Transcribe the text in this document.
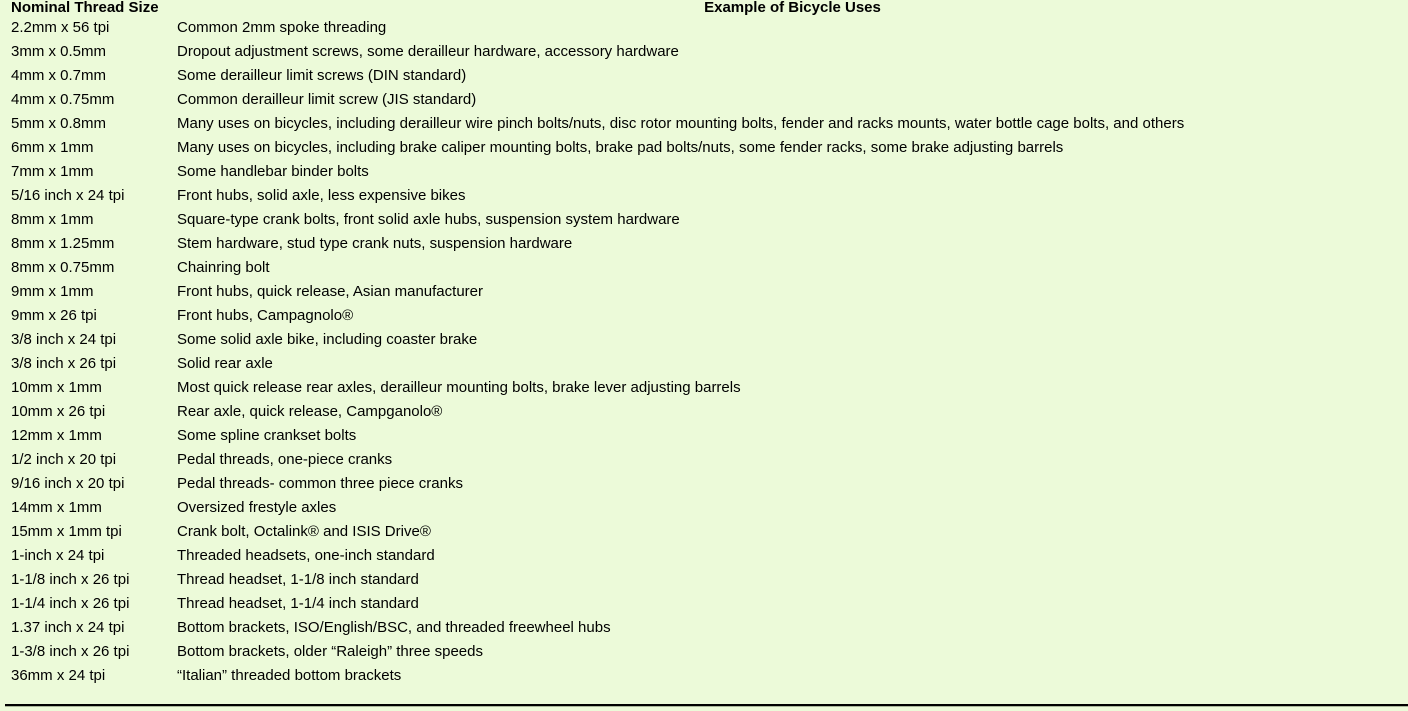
Nominal Thread Size	Example of Bicycle Uses
2.2mm x 56 tpi	Common 2mm spoke threading
3mm x 0.5mm	Dropout adjustment screws, some derailleur hardware, accessory hardware
4mm x 0.7mm	Some derailleur limit screws (DIN standard)
4mm x 0.75mm	Common derailleur limit screw (JIS standard)
5mm x 0.8mm	Many uses on bicycles, including derailleur wire pinch bolts/nuts, disc rotor mounting bolts, fender and racks mounts, water bottle cage bolts, and others
6mm x 1mm	Many uses on bicycles, including brake caliper mounting bolts, brake pad bolts/nuts, some fender racks, some brake adjusting barrels
7mm x 1mm	Some handlebar binder bolts
5/16 inch x 24 tpi	Front hubs, solid axle, less expensive bikes
8mm x 1mm	Square-type crank bolts, front solid axle hubs, suspension system hardware
8mm x 1.25mm	Stem hardware, stud type crank nuts, suspension hardware
8mm x 0.75mm	Chainring bolt
9mm x 1mm	Front hubs, quick release, Asian manufacturer
9mm x 26 tpi	Front hubs, Campagnolo®
3/8 inch x 24 tpi	Some solid axle bike, including coaster brake
3/8 inch x 26 tpi	Solid rear axle
10mm x 1mm	Most quick release rear axles, derailleur mounting bolts, brake lever adjusting barrels
10mm x 26 tpi	Rear axle, quick release, Campganolo®
12mm x 1mm	Some spline crankset bolts
1/2 inch x 20 tpi	Pedal threads, one-piece cranks
9/16 inch x 20 tpi	Pedal threads- common three piece cranks
14mm x 1mm	Oversized frestyle axles
15mm x 1mm tpi	Crank bolt, Octalink® and ISIS Drive®
1-inch x 24 tpi	Threaded headsets, one-inch standard
1-1/8 inch x 26 tpi	Thread headset, 1-1/8 inch standard
1-1/4 inch x 26 tpi	Thread headset, 1-1/4 inch standard
1.37 inch x 24 tpi	Bottom brackets, ISO/English/BSC, and threaded freewheel hubs
1-3/8 inch x 26 tpi	Bottom brackets, older “Raleigh” three speeds
36mm x 24 tpi	“Italian” threaded bottom brackets
